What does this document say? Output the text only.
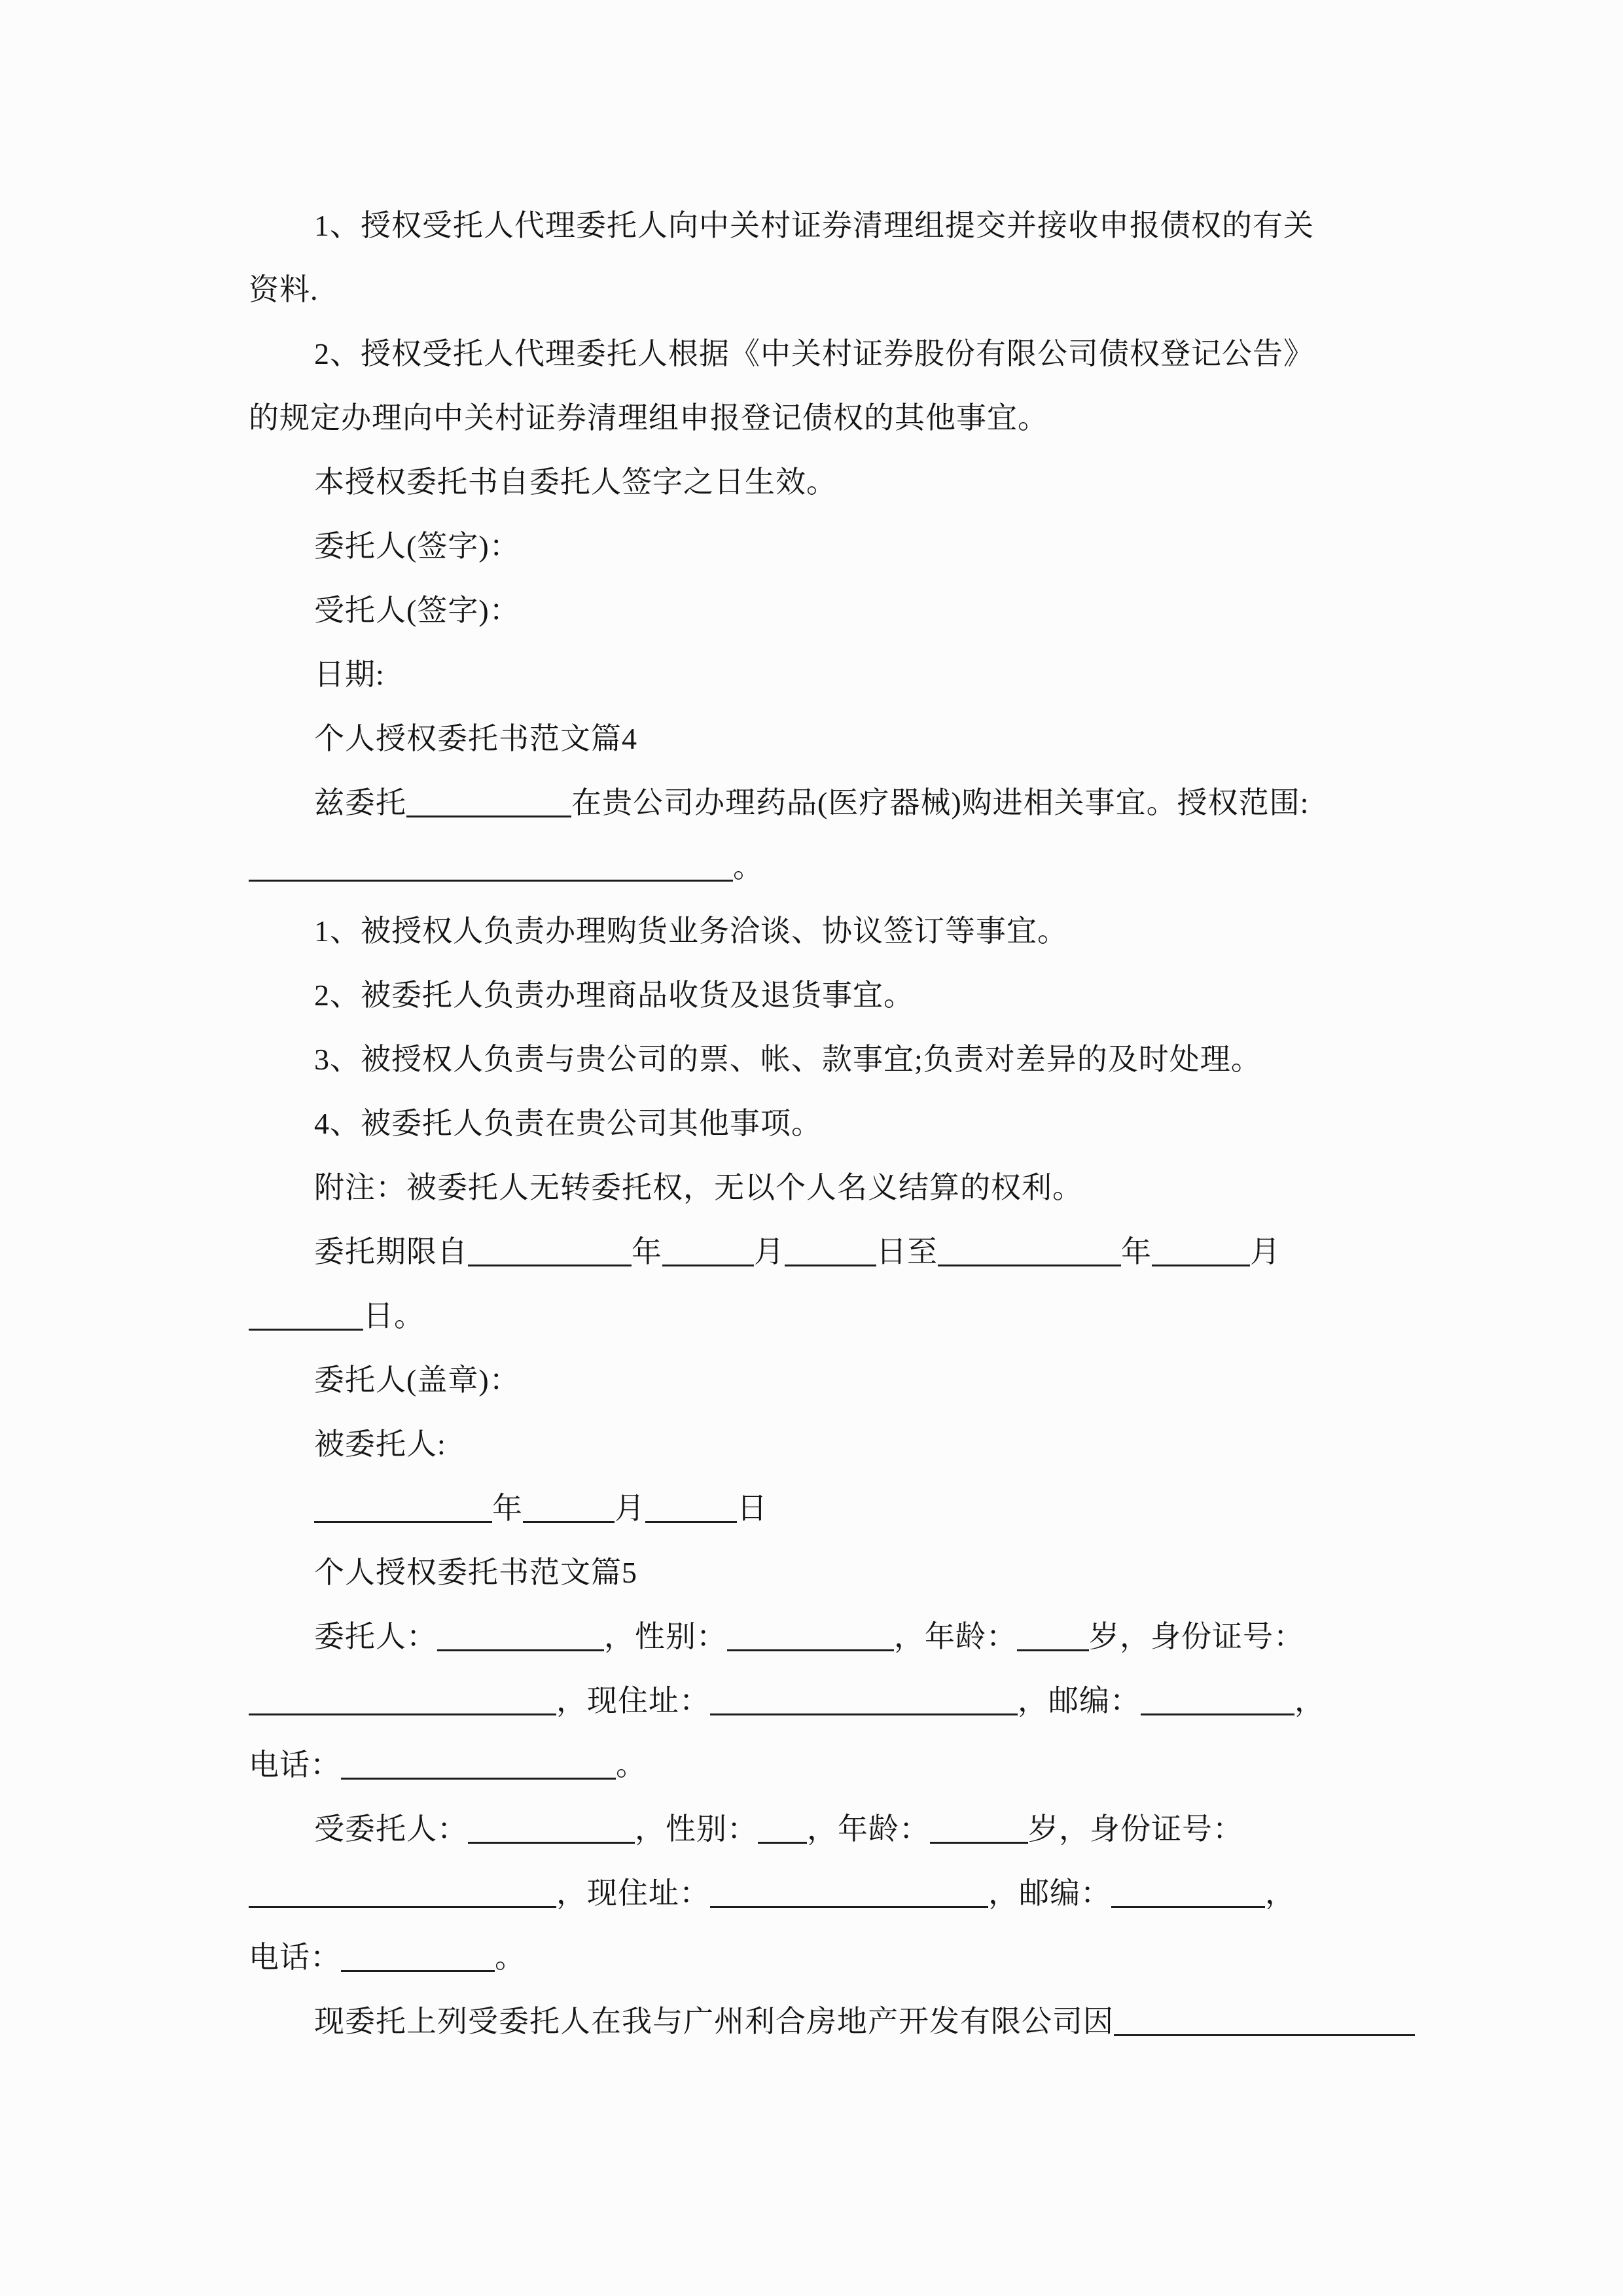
1、授权受托人代理委托人向中关村证券清理组提交并接收申报债权的有关
资料.
2、授权受托人代理委托人根据《中关村证券股份有限公司债权登记公告》
的规定办理向中关村证券清理组申报登记债权的其他事宜。
本授权委托书自委托人签字之日生效。
委托人(签字)：
受托人(签字)：
日期:
个人授权委托书范文篇4
兹委托	在贵公司办理药品(医疗器械)购进相关事宜。授权范围:
。
1、被授权人负责办理购货业务洽谈、协议签订等事宜。
2、被委托人负责办理商品收货及退货事宜。
3、被授权人负责与贵公司的票、帐、款事宜;负责对差异的及时处理。
4、被委托人负责在贵公司其他事项。
附注：被委托人无转委托权，无以个人名义结算的权利。
委托期限自	年	月	日至	年	月
日。
委托人(盖章)：
被委托人:
年	月	日
个人授权委托书范文篇5
委托人：	，性别：	，年龄： 岁，身份证号：
，现住址：	，邮编：	，
电话：	。
受委托人：	，性别： ，年龄：	岁，身份证号：
，现住址：	，邮编：	，
电话：	。
现委托上列受委托人在我与广州利合房地产开发有限公司因
